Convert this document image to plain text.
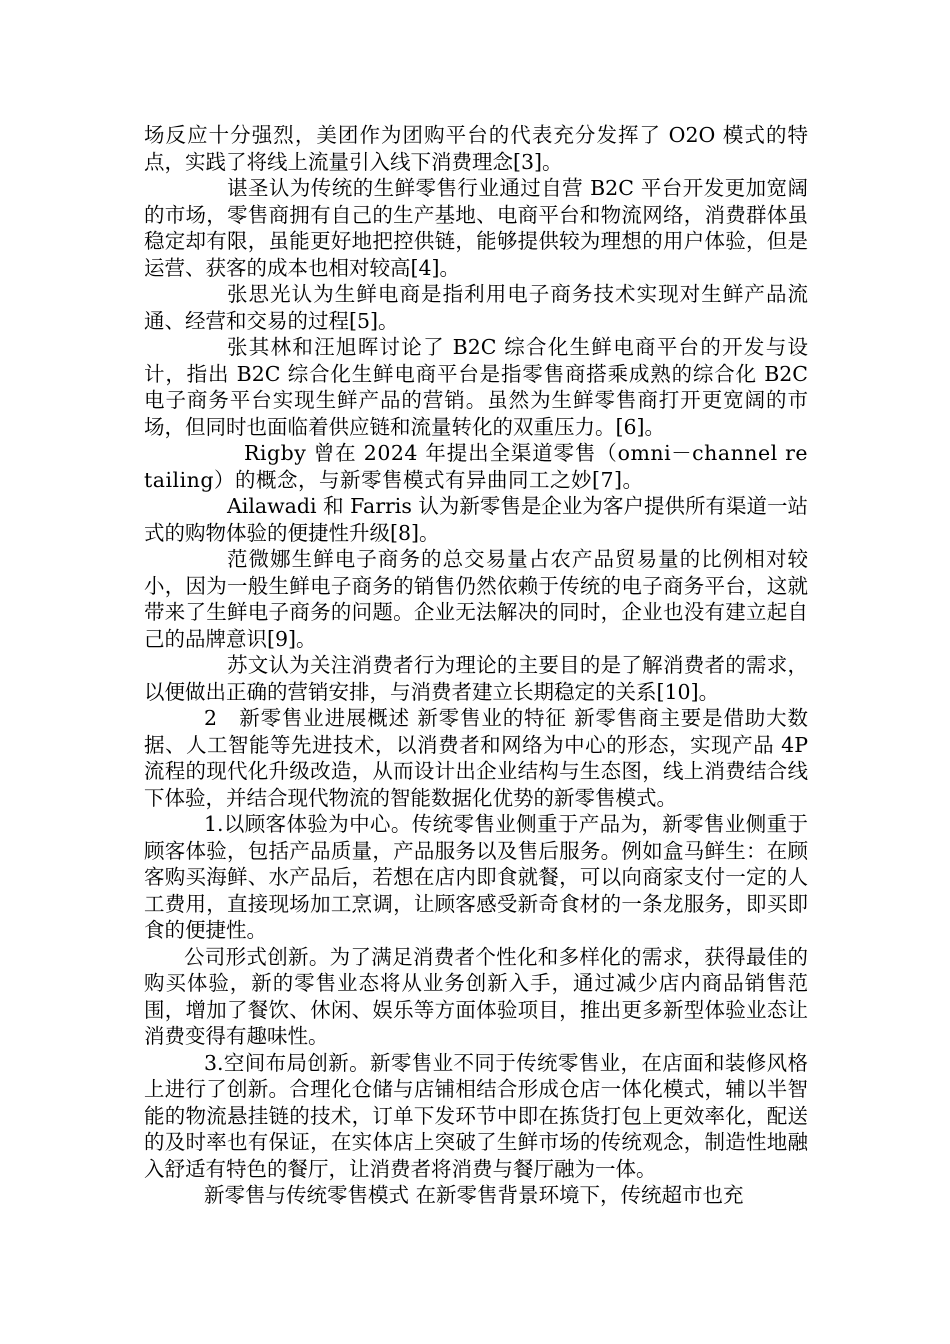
场反应十分强烈，美团作为团购平台的代表充分发挥了 O2O 模式的特点，实践了将线上流量引入线下消费理念[3]。

谌圣认为传统的生鲜零售行业通过自营 B2C 平台开发更加宽阔的市场，零售商拥有自己的生产基地、电商平台和物流网络，消费群体虽稳定却有限，虽能更好地把控供链，能够提供较为理想的用户体验，但是运营、获客的成本也相对较高[4]。

张思光认为生鲜电商是指利用电子商务技术实现对生鲜产品流通、经营和交易的过程[5]。

张其林和汪旭晖讨论了 B2C 综合化生鲜电商平台的开发与设计，指出 B2C 综合化生鲜电商平台是指零售商搭乘成熟的综合化 B2C 电子商务平台实现生鲜产品的营销。虽然为生鲜零售商打开更宽阔的市场，但同时也面临着供应链和流量转化的双重压力。[6]。

Rigby 曾在 2024 年提出全渠道零售（omni－channel retailing）的概念，与新零售模式有异曲同工之妙[7]。

Ailawadi 和 Farris 认为新零售是企业为客户提供所有渠道一站式的购物体验的便捷性升级[8]。

范微娜生鲜电子商务的总交易量占农产品贸易量的比例相对较小，因为一般生鲜电子商务的销售仍然依赖于传统的电子商务平台，这就带来了生鲜电子商务的问题。企业无法解决的同时，企业也没有建立起自己的品牌意识[9]。

苏文认为关注消费者行为理论的主要目的是了解消费者的需求，以便做出正确的营销安排，与消费者建立长期稳定的关系[10]。

2　新零售业进展概述 新零售业的特征 新零售商主要是借助大数据、人工智能等先进技术，以消费者和网络为中心的形态，实现产品 4P 流程的现代化升级改造，从而设计出企业结构与生态图，线上消费结合线下体验，并结合现代物流的智能数据化优势的新零售模式。

1.以顾客体验为中心。传统零售业侧重于产品为，新零售业侧重于顾客体验，包括产品质量，产品服务以及售后服务。例如盒马鲜生：在顾客购买海鲜、水产品后，若想在店内即食就餐，可以向商家支付一定的人工费用，直接现场加工烹调，让顾客感受新奇食材的一条龙服务，即买即食的便捷性。

公司形式创新。为了满足消费者个性化和多样化的需求，获得最佳的购买体验，新的零售业态将从业务创新入手，通过减少店内商品销售范围，增加了餐饮、休闲、娱乐等方面体验项目，推出更多新型体验业态让消费变得有趣味性。

3.空间布局创新。新零售业不同于传统零售业，在店面和装修风格上进行了创新。合理化仓储与店铺相结合形成仓店一体化模式，辅以半智能的物流悬挂链的技术，订单下发环节中即在拣货打包上更效率化，配送的及时率也有保证，在实体店上突破了生鲜市场的传统观念，制造性地融入舒适有特色的餐厅，让消费者将消费与餐厅融为一体。

新零售与传统零售模式 在新零售背景环境下，传统超市也充
